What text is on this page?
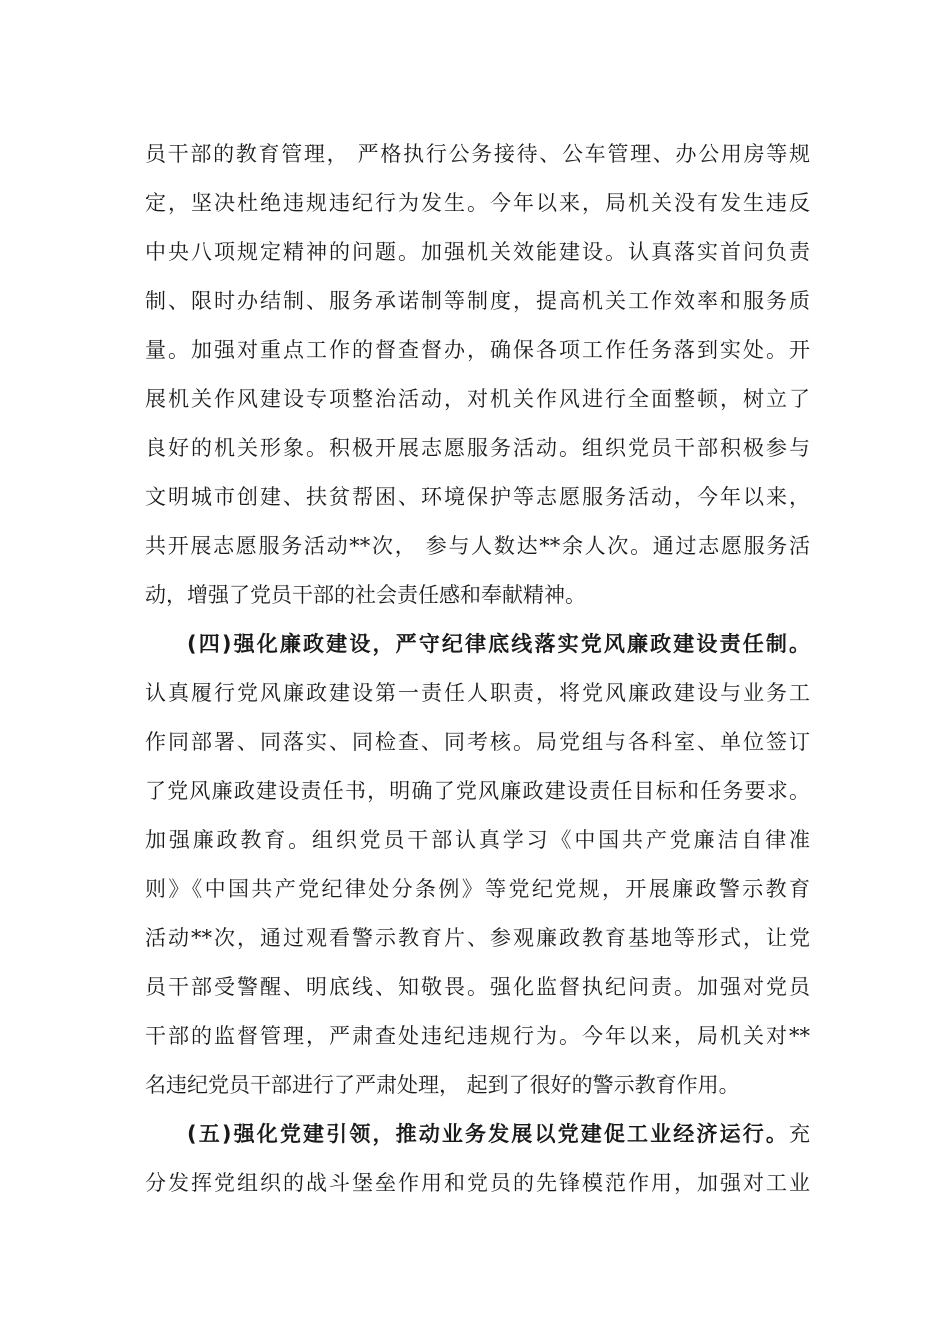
员干部的教育管理， 严格执行公务接待、公车管理、办公用房等规
定，坚决杜绝违规违纪行为发生。今年以来，局机关没有发生违反
中央八项规定精神的问题。加强机关效能建设。认真落实首问负责
制、限时办结制、服务承诺制等制度，提高机关工作效率和服务质
量。加强对重点工作的督查督办，确保各项工作任务落到实处。开
展机关作风建设专项整治活动，对机关作风进行全面整顿，树立了
良好的机关形象。积极开展志愿服务活动。组织党员干部积极参与
文明城市创建、扶贫帮困、环境保护等志愿服务活动，今年以来，
共开展志愿服务活动**次， 参与人数达**余人次。通过志愿服务活
动，增强了党员干部的社会责任感和奉献精神。
(四)强化廉政建设，严守纪律底线落实党风廉政建设责任制。
认真履行党风廉政建设第一责任人职责，将党风廉政建设与业务工
作同部署、同落实、同检查、同考核。局党组与各科室、单位签订
了党风廉政建设责任书，明确了党风廉政建设责任目标和任务要求。
加强廉政教育。组织党员干部认真学习《中国共产党廉洁自律准
则》《中国共产党纪律处分条例》等党纪党规，开展廉政警示教育
活动**次，通过观看警示教育片、参观廉政教育基地等形式，让党
员干部受警醒、明底线、知敬畏。强化监督执纪问责。加强对党员
干部的监督管理，严肃查处违纪违规行为。今年以来，局机关对**
名违纪党员干部进行了严肃处理， 起到了很好的警示教育作用。
(五)强化党建引领，推动业务发展以党建促工业经济运行。充
分发挥党组织的战斗堡垒作用和党员的先锋模范作用，加强对工业
